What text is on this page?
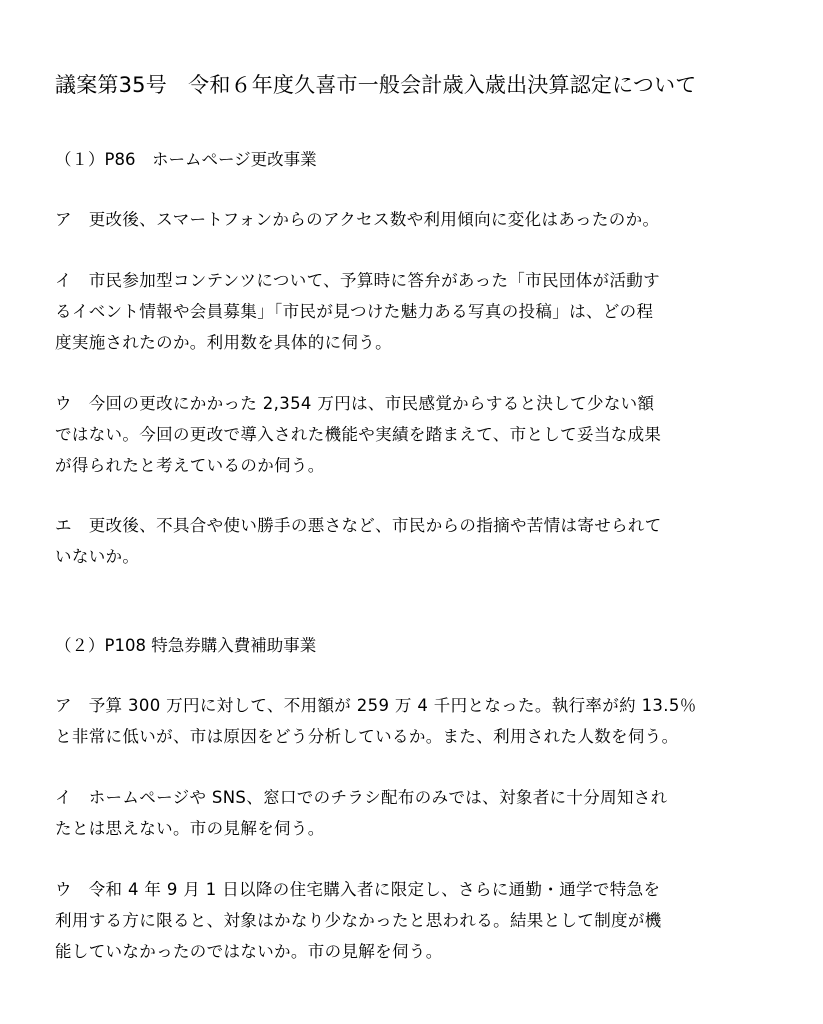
議案第35号　令和６年度久喜市一般会計歳入歳出決算認定について
（１）P86　ホームページ更改事業
ア　更改後、スマートフォンからのアクセス数や利用傾向に変化はあったのか。
イ　市民参加型コンテンツについて、予算時に答弁があった「市民団体が活動す
るイベント情報や会員募集」「市民が見つけた魅力ある写真の投稿」は、どの程
度実施されたのか。利用数を具体的に伺う。
ウ　今回の更改にかかった 2,354 万円は、市民感覚からすると決して少ない額
ではない。今回の更改で導入された機能や実績を踏まえて、市として妥当な成果
が得られたと考えているのか伺う。
エ　更改後、不具合や使い勝手の悪さなど、市民からの指摘や苦情は寄せられて
いないか。
（２）P108 特急券購入費補助事業
ア　予算 300 万円に対して、不用額が 259 万 4 千円となった。執行率が約 13.5％
と非常に低いが、市は原因をどう分析しているか。また、利用された人数を伺う。
イ　ホームページや SNS、窓口でのチラシ配布のみでは、対象者に十分周知され
たとは思えない。市の見解を伺う。
ウ　令和 4 年 9 月 1 日以降の住宅購入者に限定し、さらに通勤・通学で特急を
利用する方に限ると、対象はかなり少なかったと思われる。結果として制度が機
能していなかったのではないか。市の見解を伺う。
